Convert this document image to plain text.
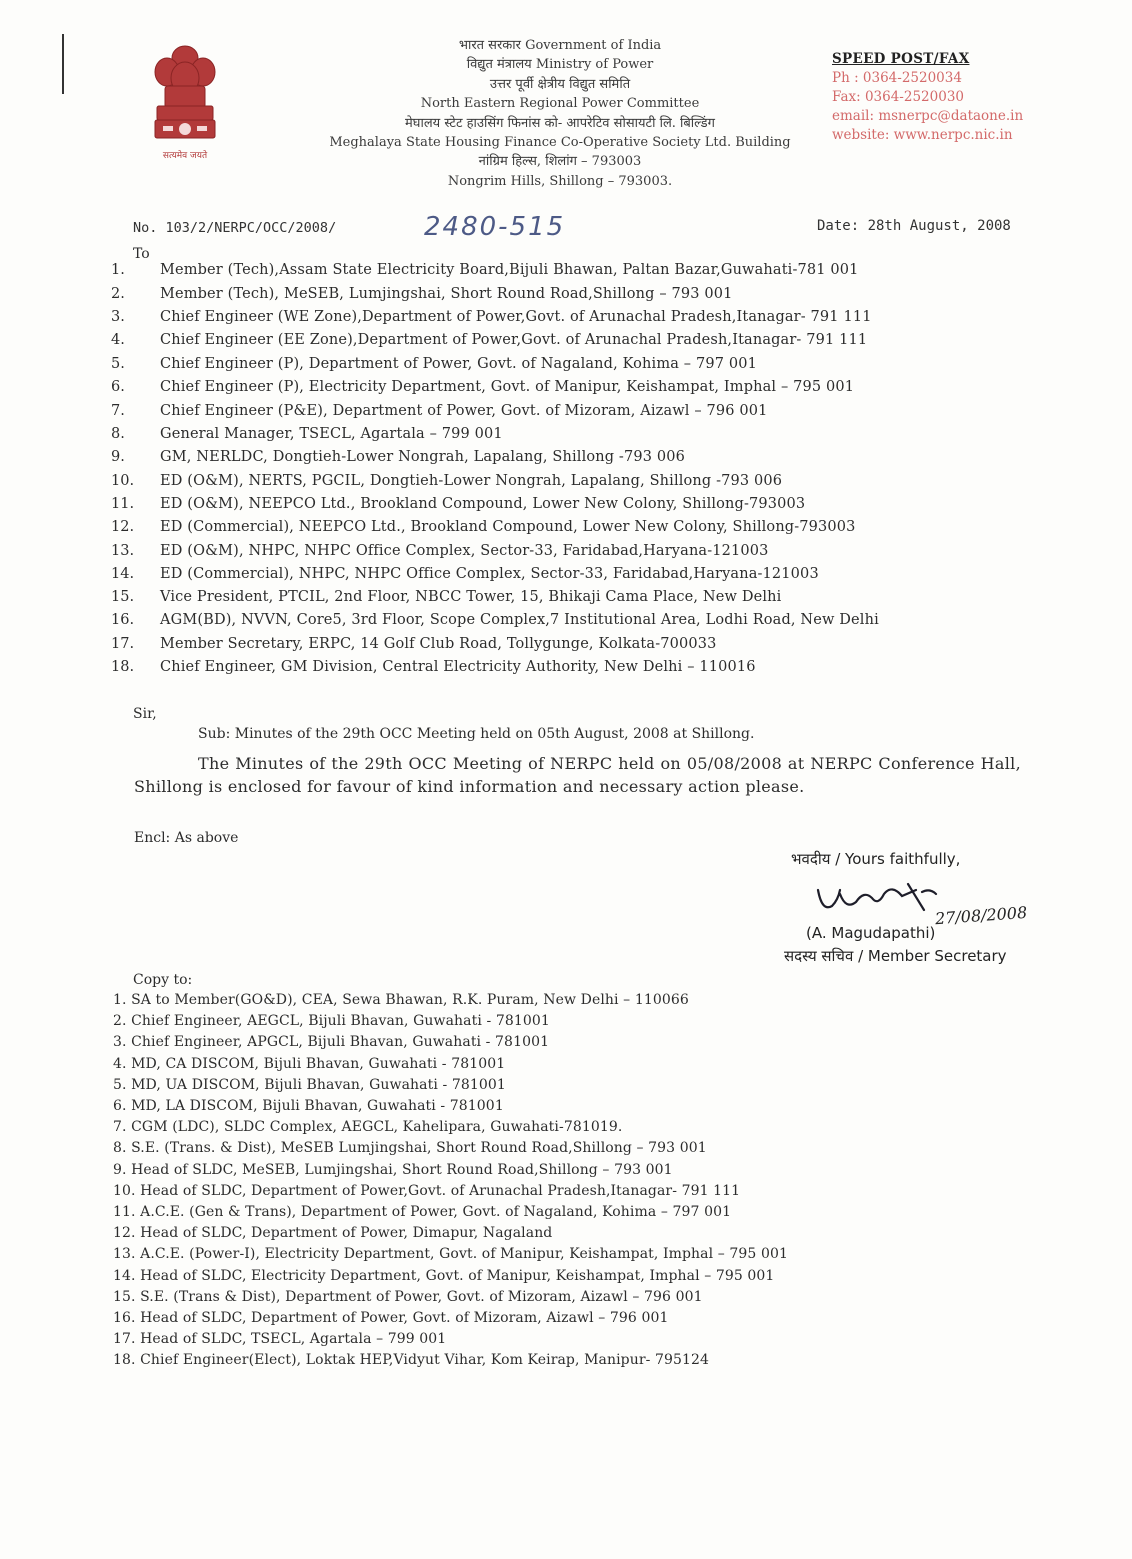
सत्यमेव जयते
भारत सरकार Government of India
विद्युत मंत्रालय Ministry of Power
उत्तर पूर्वी क्षेत्रीय विद्युत समिति
North Eastern Regional Power Committee
मेघालय स्टेट हाउसिंग फिनांस को- आपरेटिव सोसायटी लि. बिल्डिंग
Meghalaya State Housing Finance Co-Operative Society Ltd. Building
नांग्रिम हिल्स, शिलांग – 793003
Nongrim Hills, Shillong – 793003.
SPEED POST/FAX
Ph : 0364-2520034
Fax: 0364-2520030
email: msnerpc@dataone.in
website: www.nerpc.nic.in
No. 103/2/NERPC/OCC/2008/	2480-515	Date: 28th August, 2008
To
1. Member (Tech),Assam State Electricity Board,Bijuli Bhawan, Paltan Bazar,Guwahati-781 001
2. Member (Tech), MeSEB, Lumjingshai, Short Round Road,Shillong – 793 001
3. Chief Engineer (WE Zone),Department of Power,Govt. of Arunachal Pradesh,Itanagar- 791 111
4. Chief Engineer (EE Zone),Department of Power,Govt. of Arunachal Pradesh,Itanagar- 791 111
5. Chief Engineer (P), Department of Power, Govt. of Nagaland, Kohima – 797 001
6. Chief Engineer (P), Electricity Department, Govt. of Manipur, Keishampat, Imphal – 795 001
7. Chief Engineer (P&E), Department of Power, Govt. of Mizoram, Aizawl – 796 001
8. General Manager, TSECL, Agartala – 799 001
9. GM, NERLDC, Dongtieh-Lower Nongrah, Lapalang, Shillong -793 006
10. ED (O&M), NERTS, PGCIL, Dongtieh-Lower Nongrah, Lapalang, Shillong -793 006
11. ED (O&M), NEEPCO Ltd., Brookland Compound, Lower New Colony, Shillong-793003
12. ED (Commercial), NEEPCO Ltd., Brookland Compound, Lower New Colony, Shillong-793003
13. ED (O&M), NHPC, NHPC Office Complex, Sector-33, Faridabad,Haryana-121003
14. ED (Commercial), NHPC, NHPC Office Complex, Sector-33, Faridabad,Haryana-121003
15. Vice President, PTCIL, 2nd Floor, NBCC Tower, 15, Bhikaji Cama Place, New Delhi
16. AGM(BD), NVVN, Core5, 3rd Floor, Scope Complex,7 Institutional Area, Lodhi Road, New Delhi
17. Member Secretary, ERPC, 14 Golf Club Road, Tollygunge, Kolkata-700033
18. Chief Engineer, GM Division, Central Electricity Authority, New Delhi – 110016
Sir,
Sub: Minutes of the 29th OCC Meeting held on 05th August, 2008 at Shillong.
The Minutes of the 29th OCC Meeting of NERPC held on 05/08/2008 at NERPC Conference Hall, Shillong is enclosed for favour of kind information and necessary action please.
Encl: As above
भवदीय / Yours faithfully,
27/08/2008
(A. Magudapathi)
सदस्य सचिव / Member Secretary
Copy to:
1. SA to Member(GO&D), CEA, Sewa Bhawan, R.K. Puram, New Delhi – 110066
2. Chief Engineer, AEGCL, Bijuli Bhavan, Guwahati - 781001
3. Chief Engineer, APGCL, Bijuli Bhavan, Guwahati - 781001
4. MD, CA DISCOM, Bijuli Bhavan, Guwahati - 781001
5. MD, UA DISCOM, Bijuli Bhavan, Guwahati - 781001
6. MD, LA DISCOM, Bijuli Bhavan, Guwahati - 781001
7. CGM (LDC), SLDC Complex, AEGCL, Kahelipara, Guwahati-781019.
8. S.E. (Trans. & Dist), MeSEB Lumjingshai, Short Round Road,Shillong – 793 001
9. Head of SLDC, MeSEB, Lumjingshai, Short Round Road,Shillong – 793 001
10. Head of SLDC, Department of Power,Govt. of Arunachal Pradesh,Itanagar- 791 111
11. A.C.E. (Gen & Trans), Department of Power, Govt. of Nagaland, Kohima – 797 001
12. Head of SLDC, Department of Power, Dimapur, Nagaland
13. A.C.E. (Power-I), Electricity Department, Govt. of Manipur, Keishampat, Imphal – 795 001
14. Head of SLDC, Electricity Department, Govt. of Manipur, Keishampat, Imphal – 795 001
15. S.E. (Trans & Dist), Department of Power, Govt. of Mizoram, Aizawl – 796 001
16. Head of SLDC, Department of Power, Govt. of Mizoram, Aizawl – 796 001
17. Head of SLDC, TSECL, Agartala – 799 001
18. Chief Engineer(Elect), Loktak HEP,Vidyut Vihar, Kom Keirap, Manipur- 795124
